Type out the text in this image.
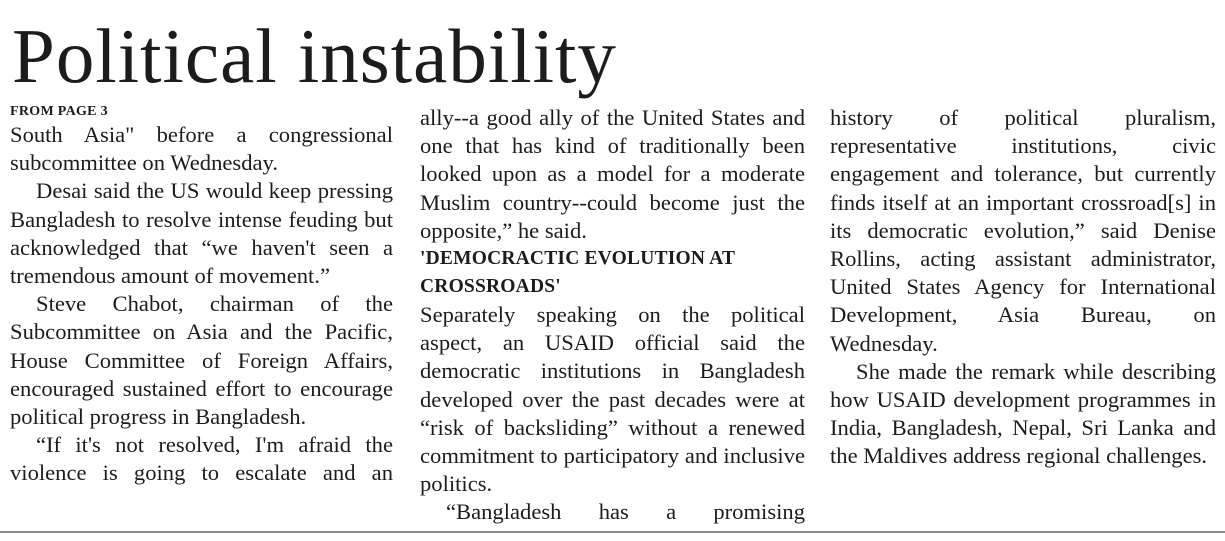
Political instability
FROM PAGE 3

South Asia" before a congressional subcommittee on Wednesday.

Desai said the US would keep pressing Bangladesh to resolve intense feuding but acknowledged that “we haven't seen a tremendous amount of movement.”

Steve Chabot, chairman of the Subcommittee on Asia and the Pacific, House Committee of Foreign Affairs, encouraged sustained effort to encourage political progress in Bangladesh.

“If it's not resolved, I'm afraid the violence is going to escalate and an

ally--a good ally of the United States and one that has kind of traditionally been looked upon as a model for a moderate Muslim country--could become just the opposite,” he said.

'DEMOCRACTIC EVOLUTION AT CROSSROADS'

Separately speaking on the political aspect, an USAID official said the democratic institutions in Bangladesh developed over the past decades were at “risk of backsliding” without a renewed commitment to participatory and inclusive politics.

“Bangladesh has a promising

history of political pluralism, representative institutions, civic engagement and tolerance, but currently finds itself at an important crossroad[s] in its democratic evolution,” said Denise Rollins, acting assistant administrator, United States Agency for International Development, Asia Bureau, on Wednesday.

She made the remark while describing how USAID development programmes in India, Bangladesh, Nepal, Sri Lanka and the Maldives address regional challenges.
